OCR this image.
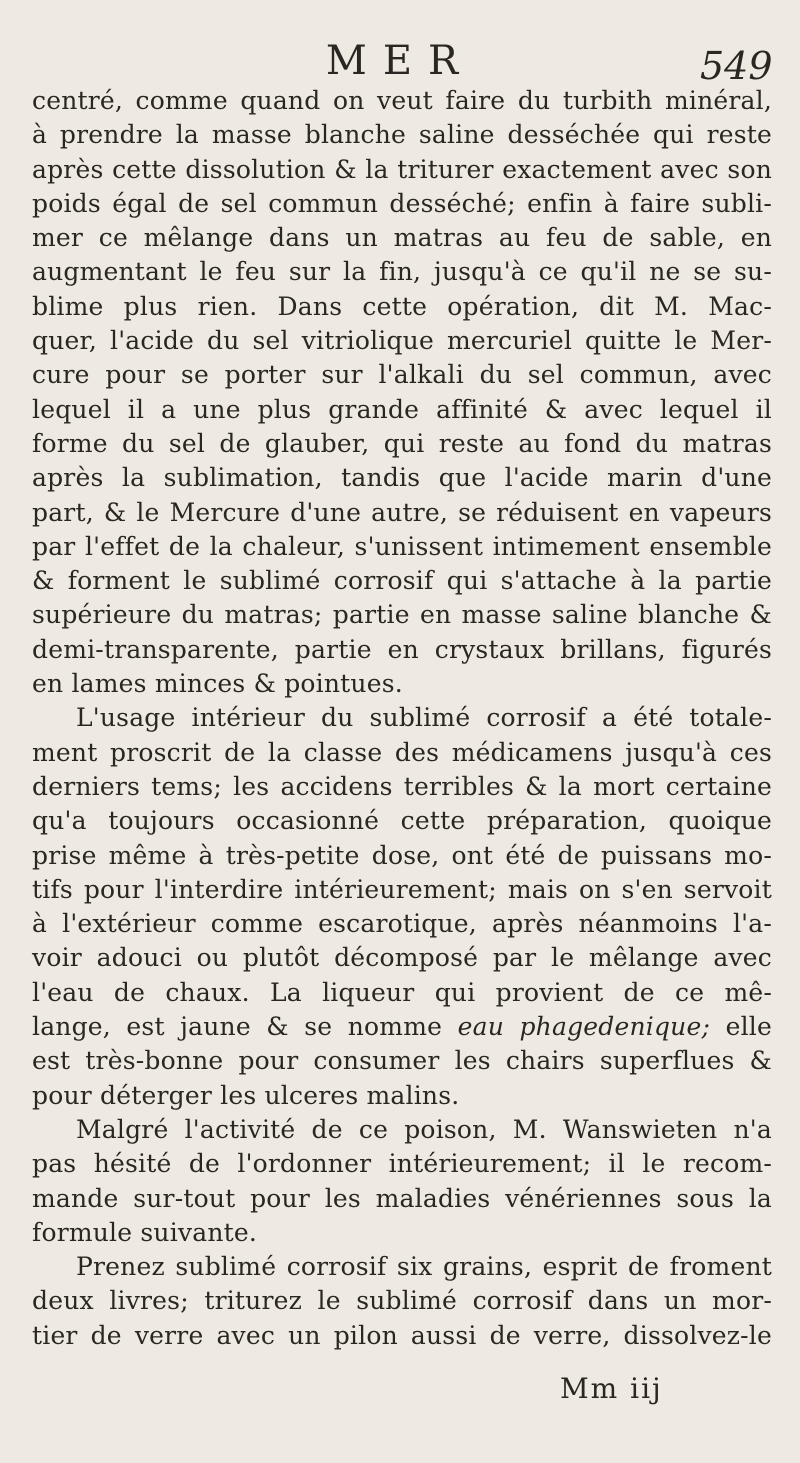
MER	549
centré, comme quand on veut faire du turbith minéral,
à prendre la masse blanche saline desséchée qui reste
après cette dissolution & la triturer exactement avec son
poids égal de sel commun desséché; enfin à faire subli-
mer ce mêlange dans un matras au feu de sable, en
augmentant le feu sur la fin, jusqu'à ce qu'il ne se su-
blime plus rien. Dans cette opération, dit M. Mac-
quer, l'acide du sel vitriolique mercuriel quitte le Mer-
cure pour se porter sur l'alkali du sel commun, avec
lequel il a une plus grande affinité & avec lequel il
forme du sel de glauber, qui reste au fond du matras
après la sublimation, tandis que l'acide marin d'une
part, & le Mercure d'une autre, se réduisent en vapeurs
par l'effet de la chaleur, s'unissent intimement ensemble
& forment le sublimé corrosif qui s'attache à la partie
supérieure du matras; partie en masse saline blanche &
demi-transparente, partie en crystaux brillans, figurés
en lames minces & pointues.
L'usage intérieur du sublimé corrosif a été totale-
ment proscrit de la classe des médicamens jusqu'à ces
derniers tems; les accidens terribles & la mort certaine
qu'a toujours occasionné cette préparation, quoique
prise même à très-petite dose, ont été de puissans mo-
tifs pour l'interdire intérieurement; mais on s'en servoit
à l'extérieur comme escarotique, après néanmoins l'a-
voir adouci ou plutôt décomposé par le mêlange avec
l'eau de chaux. La liqueur qui provient de ce mê-
lange, est jaune & se nomme eau phagedenique; elle
est très-bonne pour consumer les chairs superflues &
pour déterger les ulceres malins.
Malgré l'activité de ce poison, M. Wanswieten n'a
pas hésité de l'ordonner intérieurement; il le recom-
mande sur-tout pour les maladies vénériennes sous la
formule suivante.
Prenez sublimé corrosif six grains, esprit de froment
deux livres; triturez le sublimé corrosif dans un mor-
tier de verre avec un pilon aussi de verre, dissolvez-le
Mm iij
